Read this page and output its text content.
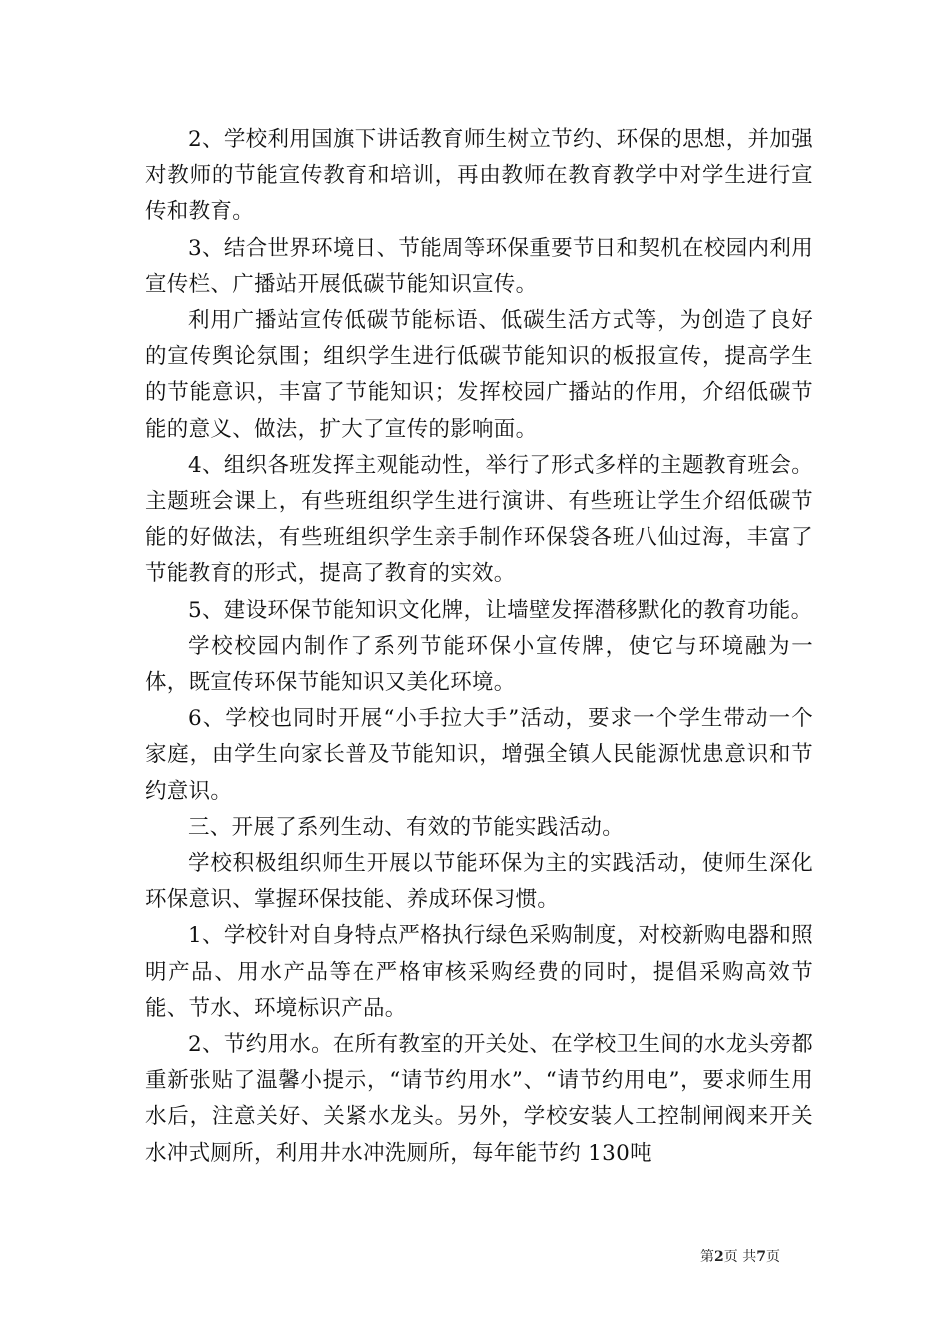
2、学校利用国旗下讲话教育师生树立节约、环保的思想，并加强对教师的节能宣传教育和培训，再由教师在教育教学中对学生进行宣传和教育。

3、结合世界环境日、节能周等环保重要节日和契机在校园内利用宣传栏、广播站开展低碳节能知识宣传。

利用广播站宣传低碳节能标语、低碳生活方式等，为创造了良好的宣传舆论氛围；组织学生进行低碳节能知识的板报宣传，提高学生的节能意识，丰富了节能知识；发挥校园广播站的作用，介绍低碳节能的意义、做法，扩大了宣传的影响面。

4、组织各班发挥主观能动性，举行了形式多样的主题教育班会。主题班会课上，有些班组织学生进行演讲、有些班让学生介绍低碳节能的好做法，有些班组织学生亲手制作环保袋各班八仙过海，丰富了节能教育的形式，提高了教育的实效。

5、建设环保节能知识文化牌，让墙壁发挥潜移默化的教育功能。

学校校园内制作了系列节能环保小宣传牌，使它与环境融为一体，既宣传环保节能知识又美化环境。

6、学校也同时开展“小手拉大手”活动，要求一个学生带动一个家庭，由学生向家长普及节能知识，增强全镇人民能源忧患意识和节约意识。

三、开展了系列生动、有效的节能实践活动。

学校积极组织师生开展以节能环保为主的实践活动，使师生深化环保意识、掌握环保技能、养成环保习惯。

1、学校针对自身特点严格执行绿色采购制度，对校新购电器和照明产品、用水产品等在严格审核采购经费的同时，提倡采购高效节能、节水、环境标识产品。

2、节约用水。在所有教室的开关处、在学校卫生间的水龙头旁都重新张贴了温馨小提示，“请节约用水”、“请节约用电”，要求师生用水后，注意关好、关紧水龙头。另外，学校安装人工控制闸阀来开关水冲式厕所，利用井水冲洗厕所，每年能节约 130吨

第2页 共7页
